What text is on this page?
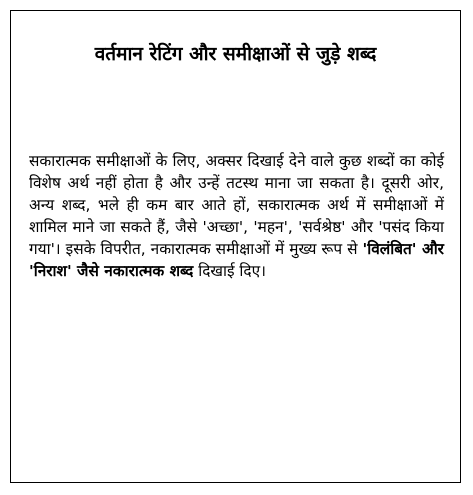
वर्तमान रेटिंग और समीक्षाओं से जुड़े शब्द

सकारात्मक समीक्षाओं के लिए, अक्सर दिखाई देने वाले कुछ शब्दों का कोई विशेष अर्थ नहीं होता है और उन्हें तटस्थ माना जा सकता है। दूसरी ओर, अन्य शब्द, भले ही कम बार आते हों, सकारात्मक अर्थ में समीक्षाओं में शामिल माने जा सकते हैं, जैसे 'अच्छा', 'महन', 'सर्वश्रेष्ठ' और 'पसंद किया गया'। इसके विपरीत, नकारात्मक समीक्षाओं में मुख्य रूप से 'विलंबित' और 'निराश' जैसे नकारात्मक शब्द दिखाई दिए।
